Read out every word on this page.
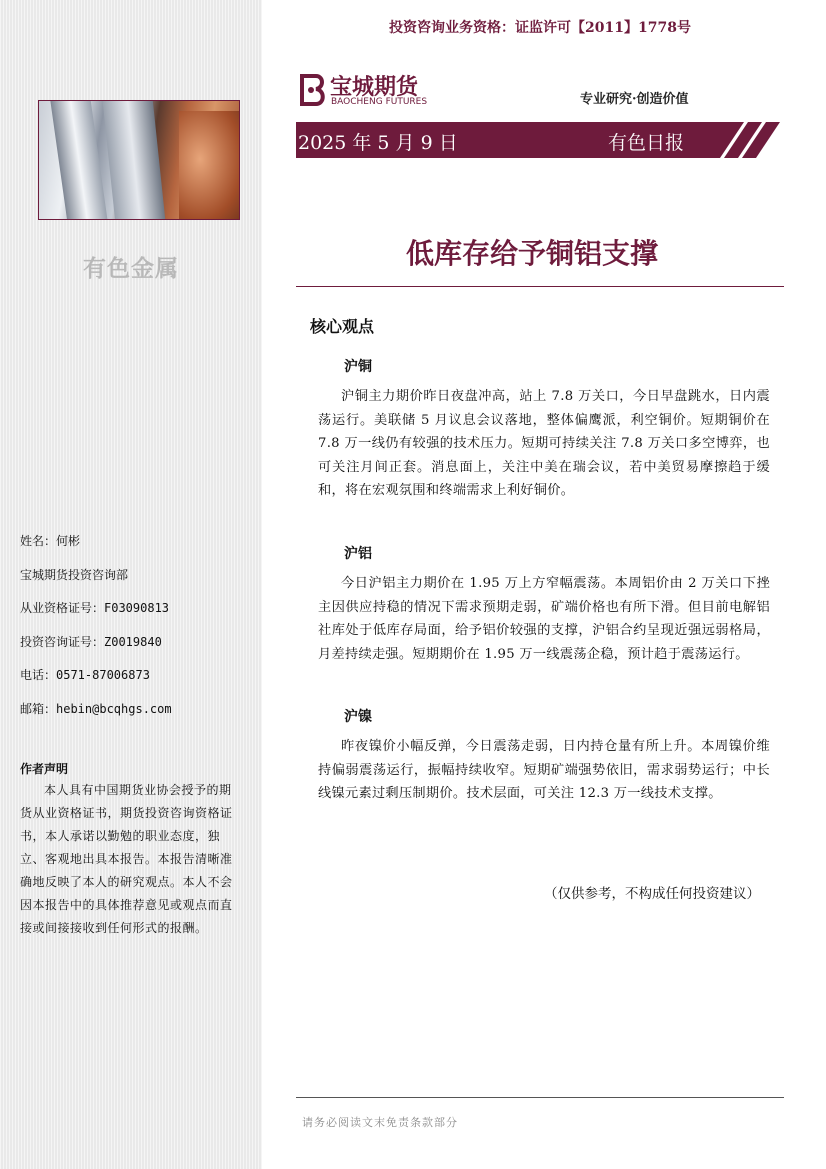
有色金属
姓名：何彬
宝城期货投资咨询部
从业资格证号：F03090813
投资咨询证号：Z0019840
电话：0571-87006873
邮箱：hebin@bcqhgs.com
作者声明
本人具有中国期货业协会授予的期货从业资格证书，期货投资咨询资格证书，本人承诺以勤勉的职业态度，独立、客观地出具本报告。本报告清晰准确地反映了本人的研究观点。本人不会因本报告中的具体推荐意见或观点而直接或间接接收到任何形式的报酬。
投资咨询业务资格：证监许可【2011】1778号
宝城期货
BAOCHENG FUTURES	专业研究·创造价值
2025 年 5 月 9 日	有色日报
低库存给予铜铝支撑
核心观点
沪铜
沪铜主力期价昨日夜盘冲高，站上 7.8 万关口，今日早盘跳水，日内震荡运行。美联储 5 月议息会议落地，整体偏鹰派，利空铜价。短期铜价在 7.8 万一线仍有较强的技术压力。短期可持续关注 7.8 万关口多空博弈，也可关注月间正套。消息面上，关注中美在瑞会议，若中美贸易摩擦趋于缓和，将在宏观氛围和终端需求上利好铜价。
沪铝
今日沪铝主力期价在 1.95 万上方窄幅震荡。本周铝价由 2 万关口下挫主因供应持稳的情况下需求预期走弱，矿端价格也有所下滑。但目前电解铝社库处于低库存局面，给予铝价较强的支撑，沪铝合约呈现近强远弱格局，月差持续走强。短期期价在 1.95 万一线震荡企稳，预计趋于震荡运行。
沪镍
昨夜镍价小幅反弹，今日震荡走弱，日内持仓量有所上升。本周镍价维持偏弱震荡运行，振幅持续收窄。短期矿端强势依旧，需求弱势运行；中长线镍元素过剩压制期价。技术层面，可关注 12.3 万一线技术支撑。
（仅供参考，不构成任何投资建议）
请务必阅读文末免责条款部分
